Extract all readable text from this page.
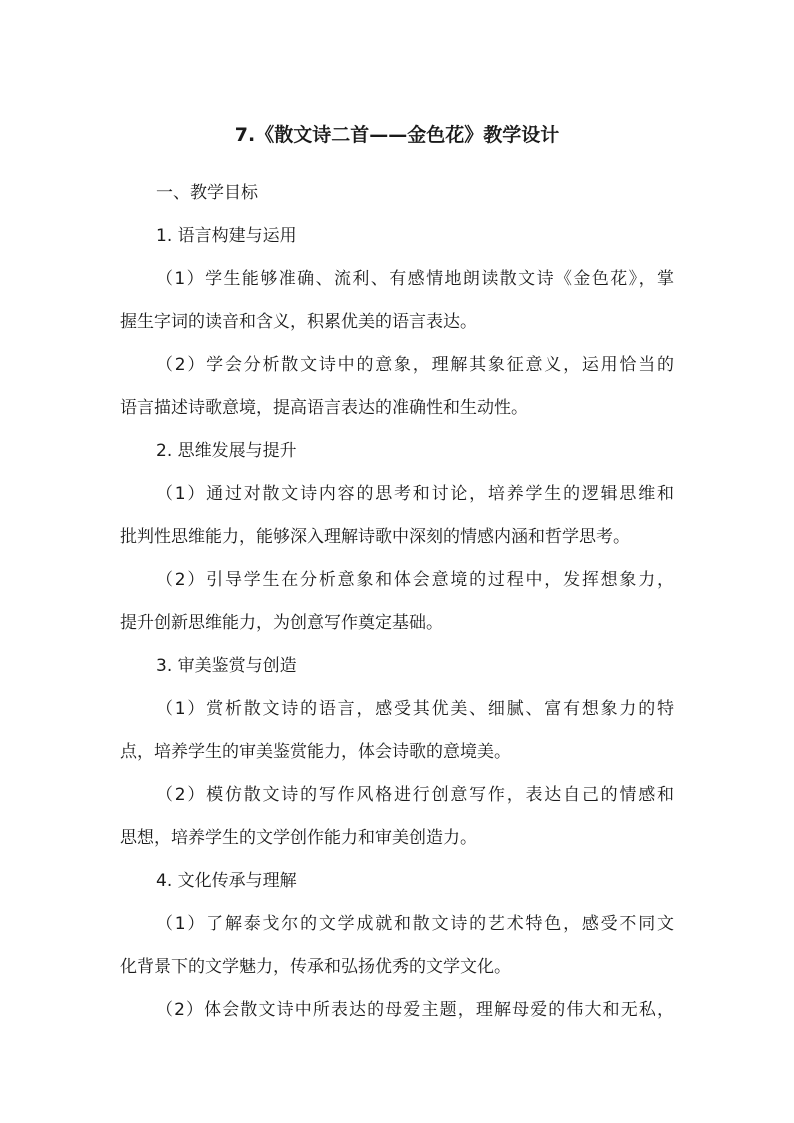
7.《散文诗二首——金色花》教学设计
一、教学目标
1. 语言构建与运用
（1）学生能够准确、流利、有感情地朗读散文诗《金色花》，掌
握生字词的读音和含义，积累优美的语言表达。
（2）学会分析散文诗中的意象，理解其象征意义，运用恰当的
语言描述诗歌意境，提高语言表达的准确性和生动性。
2. 思维发展与提升
（1）通过对散文诗内容的思考和讨论，培养学生的逻辑思维和
批判性思维能力，能够深入理解诗歌中深刻的情感内涵和哲学思考。
（2）引导学生在分析意象和体会意境的过程中，发挥想象力，
提升创新思维能力，为创意写作奠定基础。
3. 审美鉴赏与创造
（1）赏析散文诗的语言，感受其优美、细腻、富有想象力的特
点，培养学生的审美鉴赏能力，体会诗歌的意境美。
（2）模仿散文诗的写作风格进行创意写作，表达自己的情感和
思想，培养学生的文学创作能力和审美创造力。
4. 文化传承与理解
（1）了解泰戈尔的文学成就和散文诗的艺术特色，感受不同文
化背景下的文学魅力，传承和弘扬优秀的文学文化。
（2）体会散文诗中所表达的母爱主题，理解母爱的伟大和无私，
